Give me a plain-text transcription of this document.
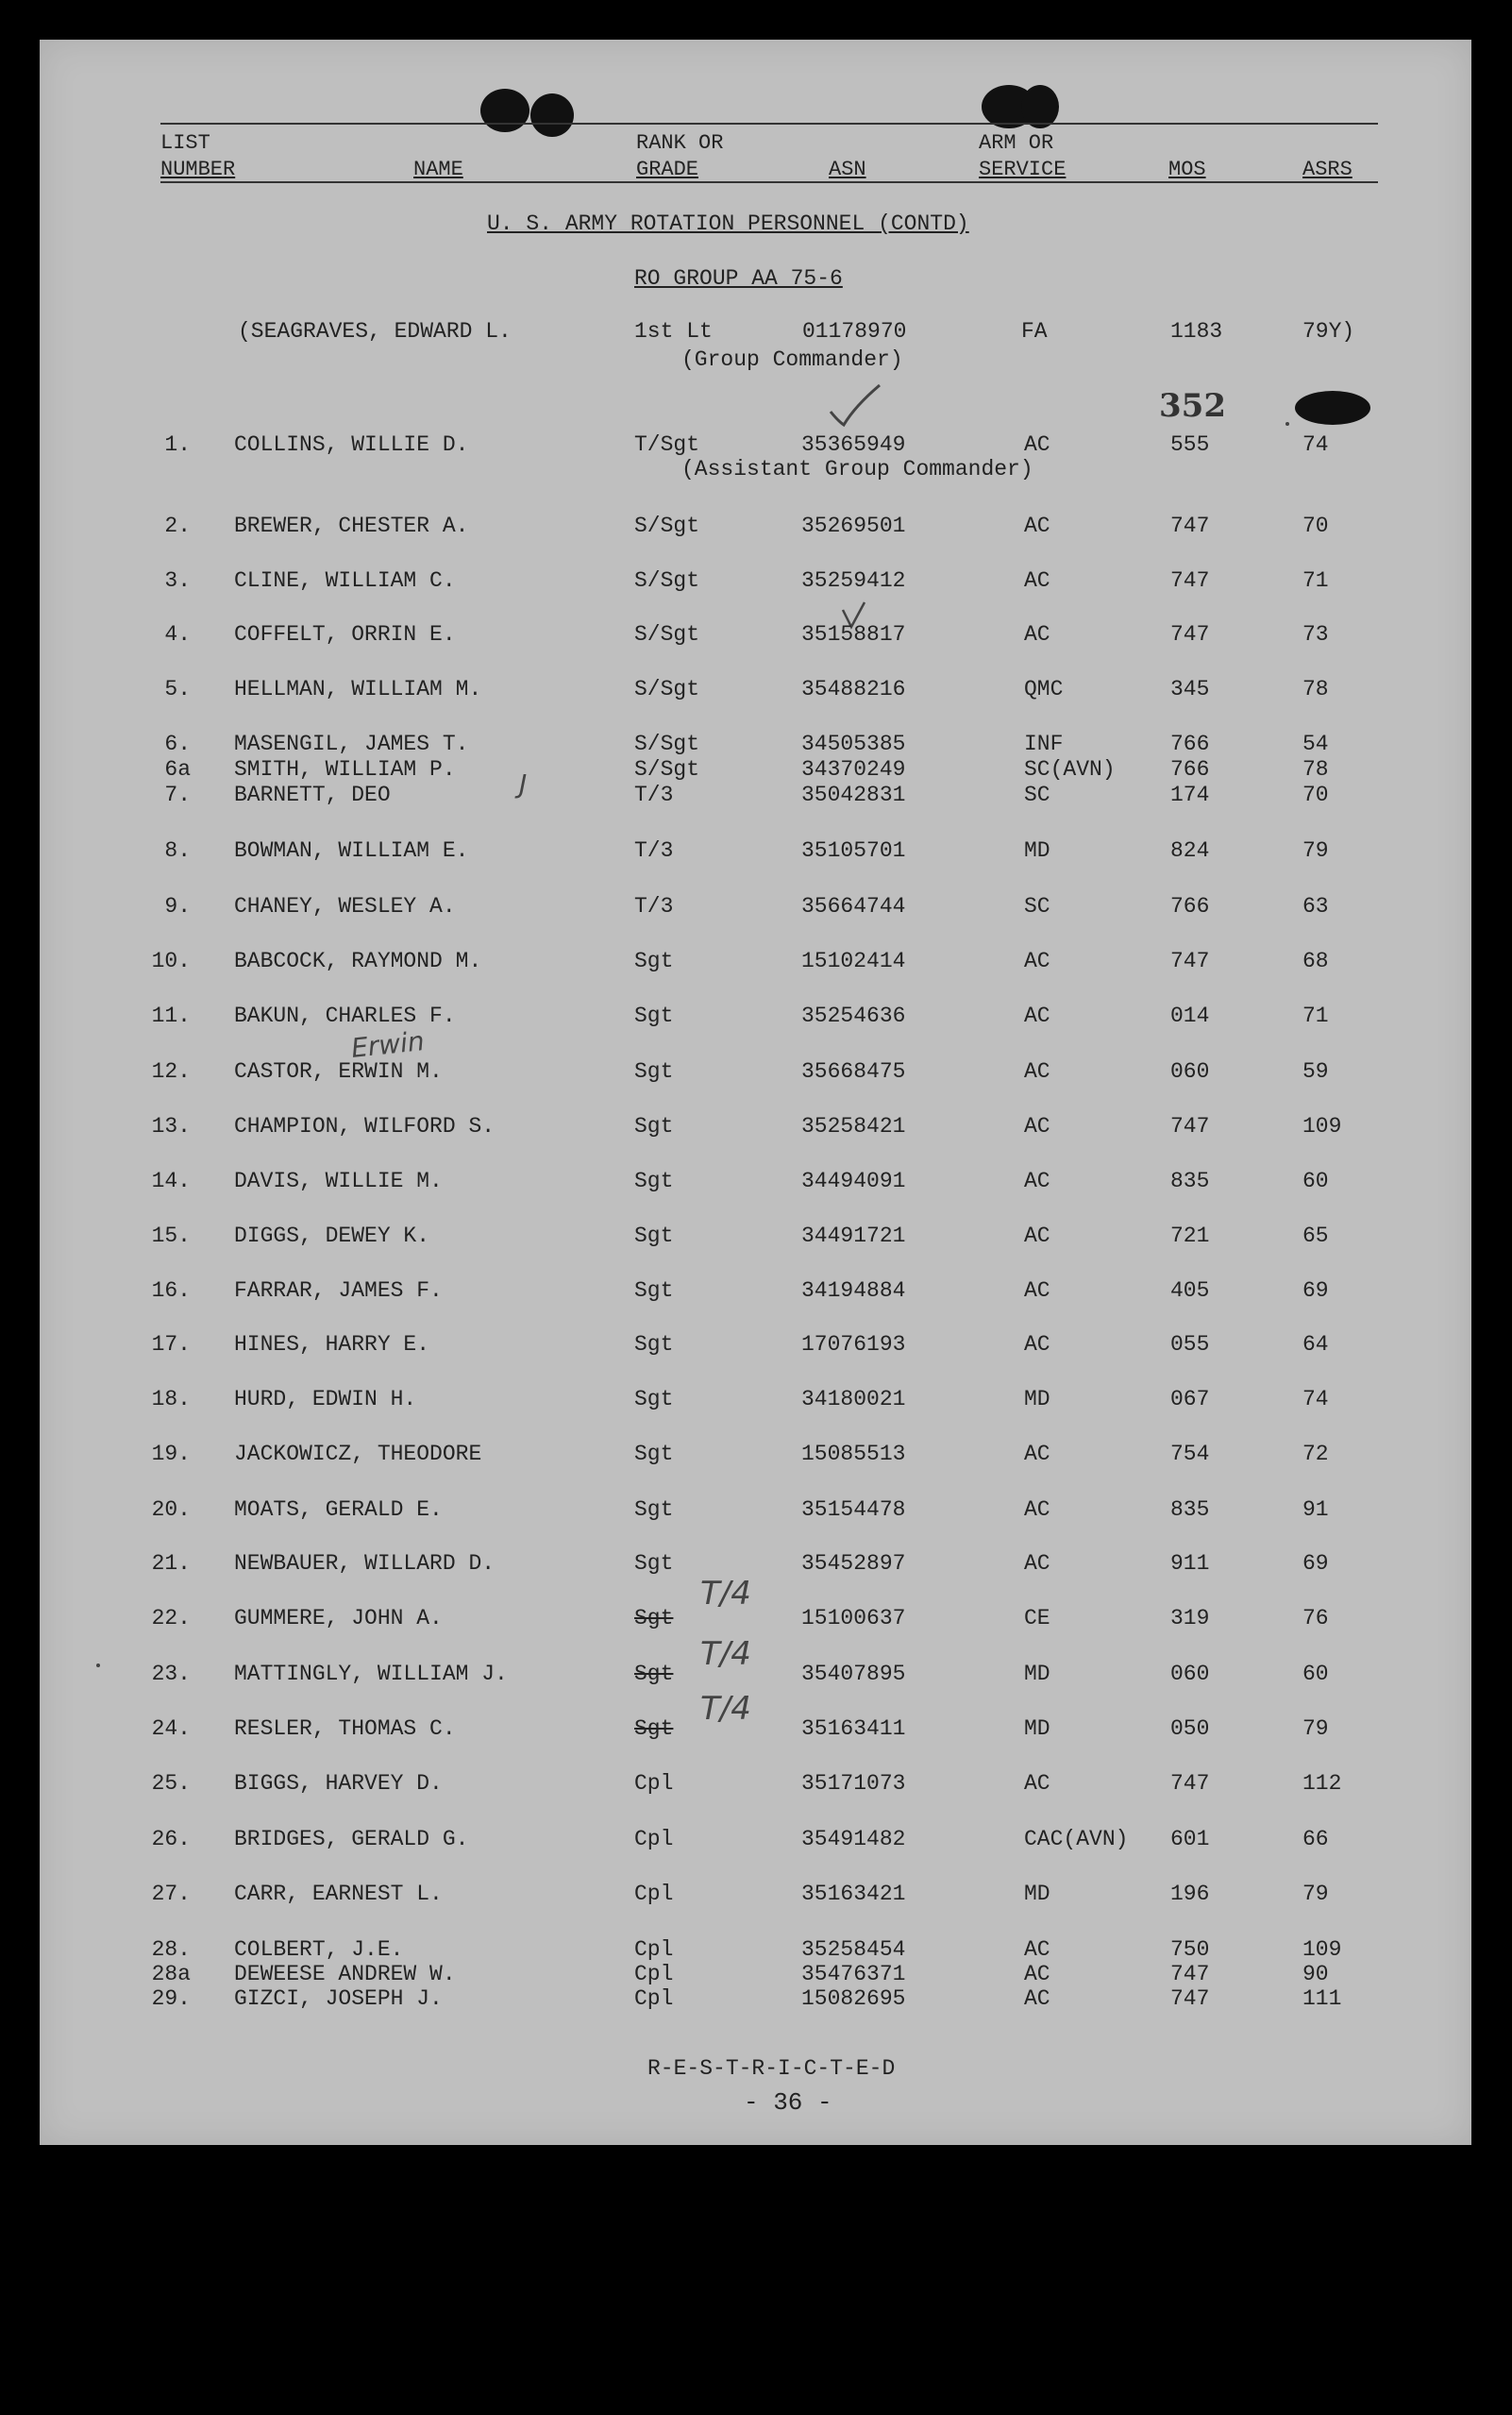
LIST
NUMBER	NAME
RANK OR
GRADE	ASN
ARM OR
SERVICE	MOS	ASRS
U. S. ARMY ROTATION PERSONNEL (CONTD)
RO GROUP AA 75-6
(SEAGRAVES, EDWARD L.	1st Lt	01178970	FA	1183	79Y)
(Group Commander)
352
(Assistant Group Commander)
1. COLLINS, WILLIE D.	T/Sgt	35365949	AC	555	74
2. BREWER, CHESTER A.	S/Sgt	35269501	AC	747	70
3. CLINE, WILLIAM C.	S/Sgt	35259412	AC	747	71
4. COFFELT, ORRIN E.	S/Sgt	35158817	AC	747	73
5. HELLMAN, WILLIAM M.	S/Sgt	35488216	QMC	345	78
6. MASENGIL, JAMES T.	S/Sgt	34505385	INF	766	54
6a SMITH, WILLIAM P.	S/Sgt	34370249	SC(AVN)	766	78
7. BARNETT, DEO	T/3	35042831	SC	174	70
8. BOWMAN, WILLIAM E.	T/3	35105701	MD	824	79
9. CHANEY, WESLEY A.	T/3	35664744	SC	766	63
10. BABCOCK, RAYMOND M.	Sgt	15102414	AC	747	68
11. BAKUN, CHARLES F.	Sgt	35254636	AC	014	71
12. CASTOR, ERWIN M.	Sgt	35668475	AC	060	59
13. CHAMPION, WILFORD S.	Sgt	35258421	AC	747	109
14. DAVIS, WILLIE M.	Sgt	34494091	AC	835	60
15. DIGGS, DEWEY K.	Sgt	34491721	AC	721	65
16. FARRAR, JAMES F.	Sgt	34194884	AC	405	69
17. HINES, HARRY E.	Sgt	17076193	AC	055	64
18. HURD, EDWIN H.	Sgt	34180021	MD	067	74
19. JACKOWICZ, THEODORE	Sgt	15085513	AC	754	72
20. MOATS, GERALD E.	Sgt	35154478	AC	835	91
21. NEWBAUER, WILLARD D.	Sgt	35452897	AC	911	69
22. GUMMERE, JOHN A.	Sgt	15100637	CE	319	76
23. MATTINGLY, WILLIAM J.	Sgt	35407895	MD	060	60
24. RESLER, THOMAS C.	Sgt	35163411	MD	050	79
25. BIGGS, HARVEY D.	Cpl	35171073	AC	747	112
26. BRIDGES, GERALD G.	Cpl	35491482	CAC(AVN) 601	66
27. CARR, EARNEST L.	Cpl	35163421	MD	196	79
28. COLBERT, J.E.	Cpl	35258454	AC	750	109
28a DEWEESE ANDREW W.	Cpl	35476371	AC	747	90
29. GIZCI, JOSEPH J.	Cpl	15082695	AC	747	111
Erwin
T/4
T/4
T/4
J
R-E-S-T-R-I-C-T-E-D
- 36 -
